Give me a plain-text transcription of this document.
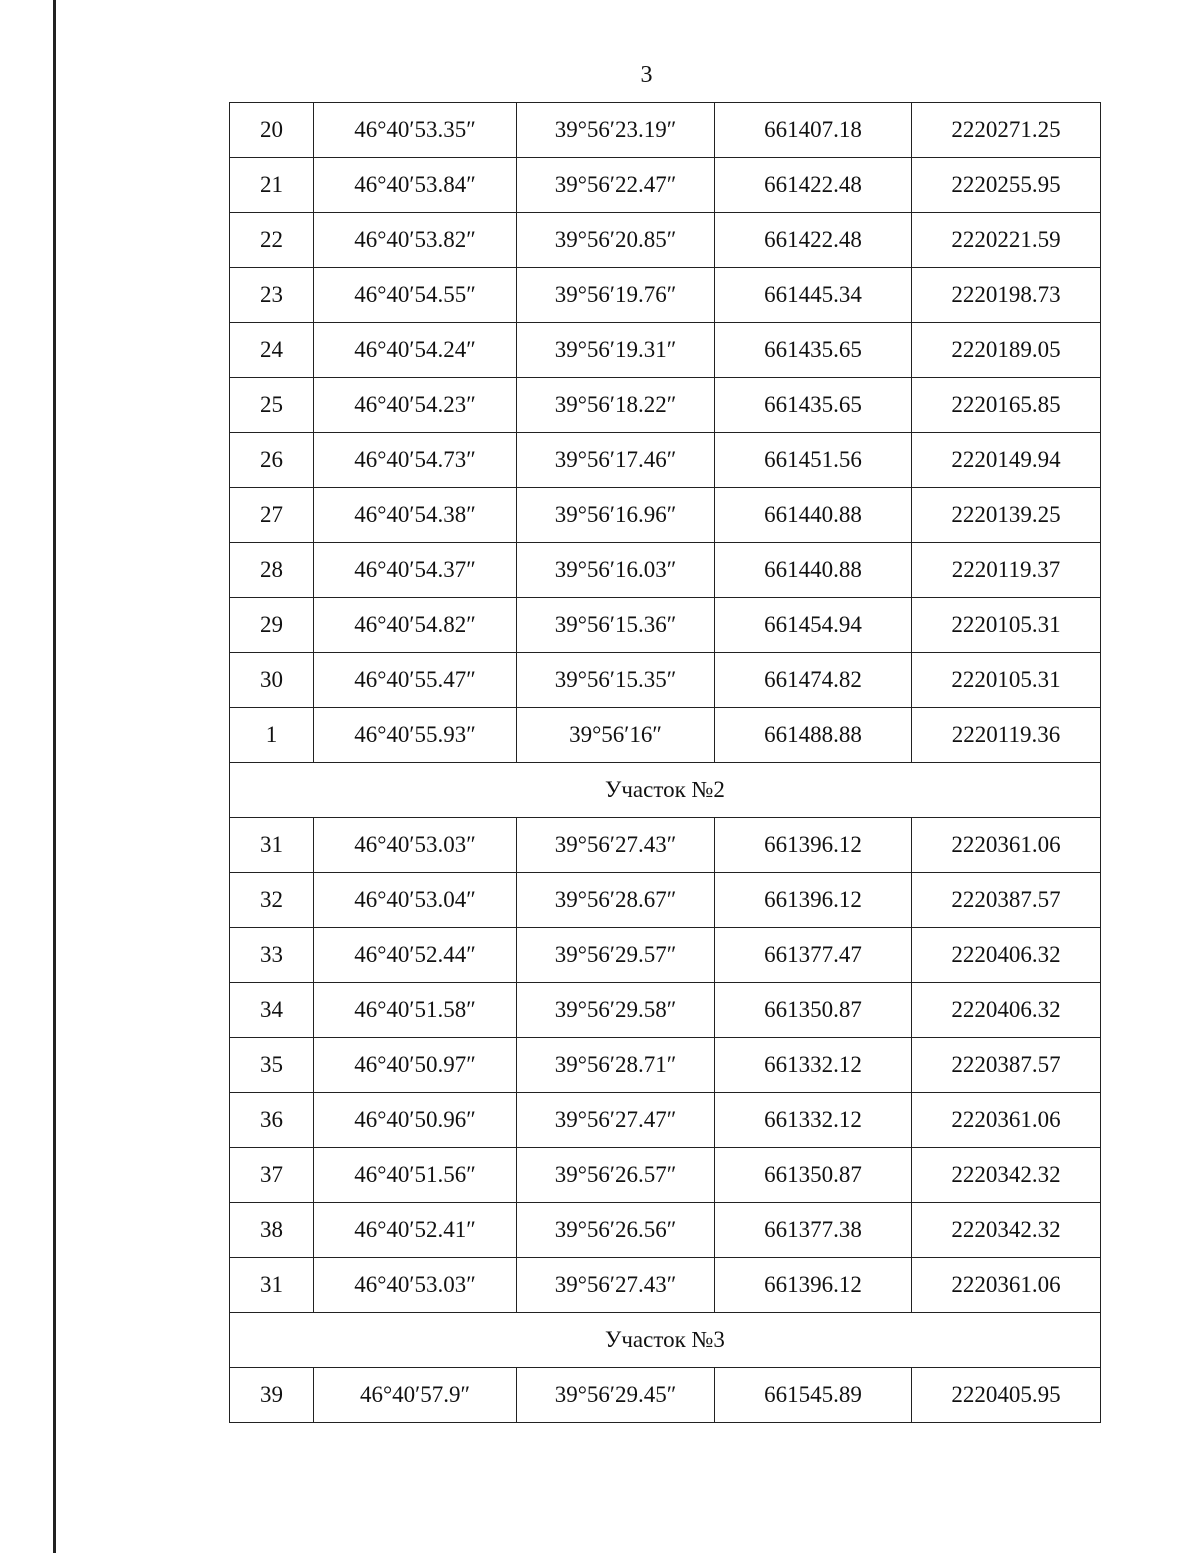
3
20	46°40′53.35″	39°56′23.19″	661407.18	2220271.25
21	46°40′53.84″	39°56′22.47″	661422.48	2220255.95
22	46°40′53.82″	39°56′20.85″	661422.48	2220221.59
23	46°40′54.55″	39°56′19.76″	661445.34	2220198.73
24	46°40′54.24″	39°56′19.31″	661435.65	2220189.05
25	46°40′54.23″	39°56′18.22″	661435.65	2220165.85
26	46°40′54.73″	39°56′17.46″	661451.56	2220149.94
27	46°40′54.38″	39°56′16.96″	661440.88	2220139.25
28	46°40′54.37″	39°56′16.03″	661440.88	2220119.37
29	46°40′54.82″	39°56′15.36″	661454.94	2220105.31
30	46°40′55.47″	39°56′15.35″	661474.82	2220105.31
1	46°40′55.93″	39°56′16″	661488.88	2220119.36
Участок №2				
31	46°40′53.03″	39°56′27.43″	661396.12	2220361.06
32	46°40′53.04″	39°56′28.67″	661396.12	2220387.57
33	46°40′52.44″	39°56′29.57″	661377.47	2220406.32
34	46°40′51.58″	39°56′29.58″	661350.87	2220406.32
35	46°40′50.97″	39°56′28.71″	661332.12	2220387.57
36	46°40′50.96″	39°56′27.47″	661332.12	2220361.06
37	46°40′51.56″	39°56′26.57″	661350.87	2220342.32
38	46°40′52.41″	39°56′26.56″	661377.38	2220342.32
31	46°40′53.03″	39°56′27.43″	661396.12	2220361.06
Участок №3				
39	46°40′57.9″	39°56′29.45″	661545.89	2220405.95
